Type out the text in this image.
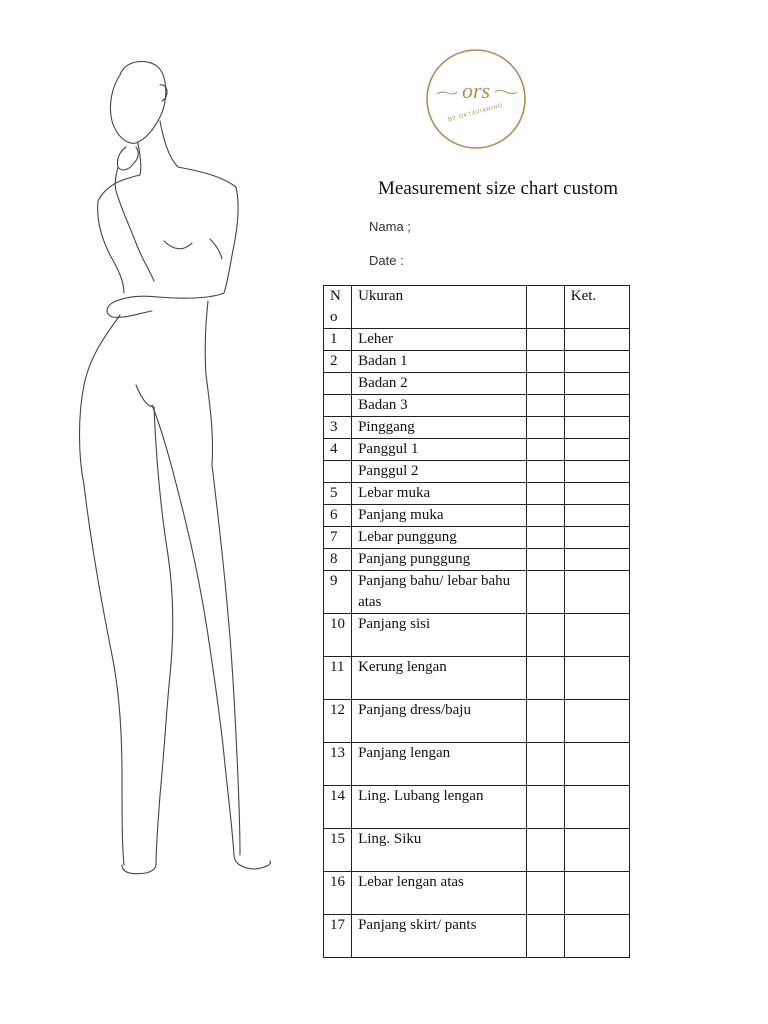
ors
BY OKTAVIARIND
Measurement size chart custom
Nama ;
Date :
No	Ukuran		Ket.
1	Leher		
2	Badan 1		
	Badan 2		
	Badan 3		
3	Pinggang		
4	Panggul 1		
	Panggul 2		
5	Lebar muka		
6	Panjang muka		
7	Lebar punggung		
8	Panjang punggung		
9	Panjang bahu/ lebar bahu atas		
10	Panjang sisi		
11	Kerung lengan		
12	Panjang dress/baju		
13	Panjang lengan		
14	Ling. Lubang lengan		
15	Ling. Siku		
16	Lebar lengan atas		
17	Panjang skirt/ pants		
